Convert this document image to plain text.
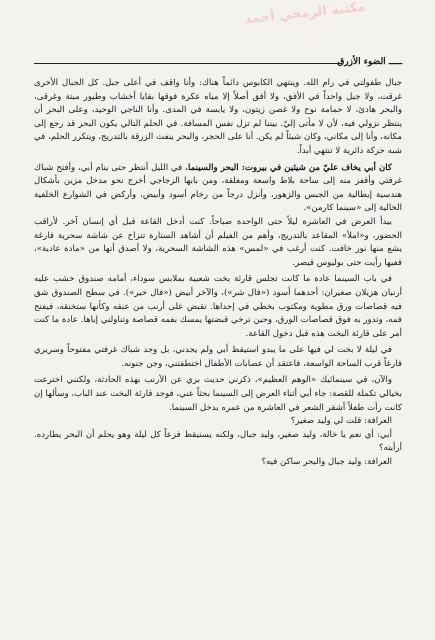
مكتبة الرمحي أحمد
ـــــ الضوء الأزرق

جبال طفولتي في رام الله. وينتهي الكابوس دائماً هناك: وأنا واقف في أعلى جبل. كل الجبال الأخرى غرقت، ولا جبل واحداً في الأفق، ولا أفق أصلاً إلا مياه عكرة فوقها بقايا أخشاب وطيور ميتة وغرقى، والبحر هادئ، لا حمامة نوح ولا غصن زيتون، ولا يابسة في المدى. وأنا الناجي الوحيد، وعلى البحر أن ينتظر نزولي فيه، لأن لا مأتى إليّ. بيننا لم تزل نفس المسافة. في الحلم التالي يكون البحر قد رجع إلى مكانه، وأنا إلى مكاني، وكان شيئاً لم يكن. أنا على الحجر، والبحر ينفث الزرقة بالتدريج، ويتكرر الحلم، في شبه حركة دائرية لا تنتهي أبداً.

كان أبي يخاف عليّ من شيئين في بيروت: البحر والسينما. في الليل أنتظر حتى ينام أبي، وأفتح شباك غرفتي وأقفز منه إلى ساحة بلاط واسعة ومغلقة، ومن بابها الزجاجي أخرج نحو مدخل مزين بأشكال هندسية إيطالية من الجبس والزهور، وأنزل درجاً من رخام أسود وأبيض، وأركض في الشوارع الخلفية الخالية إلى «سينما كارمن».

بيدأ العرض في العاشرة ليلاً حتى الواحدة صباحاً. كنت أدخل القاعة قبل أي إنسان آخر. لأراقب الحضور، و«املأ» المقاعد بالتدريج، وأهم من الفيلم أن أشاهد الستارة تنزاح عن شاشة سحرية فارغة يشع منها نور خافت. كنت أرغب في «لمس» هذه الشاشة السحرية، ولا أصدق أنها من «مادة عادية»، ففيها رأيت حتى بوليوس قيصر.

في باب السينما عادة ما كانت تجلس قارئة بخت شعبية بملابس سوداء، أمامه صندوق خشب عليه أرنبان هزيلان صغيران: أحدهما أسود («فال شر»)، والآخر أبيض («فال خير»). في سطح الصندوق شق فيه قصاصات ورق مطوية ومكتوب بخطي في إحداها. تقبض على أرنب من عنقه وكأنها ستخنقه، فيفتح فمه، وتدور به فوق قصاصات الورق، وحين ترخي قبضتها يمسك بفمه قصاصة وتناولني إياها. عادة ما كنت أمر على قارئة البخت هذه قبل دخول القاعة.

في ليلة لا بخت لي فيها على ما يبدو استيقظ أبي ولم يجدني، بل وجد شباك غرفتي مفتوحاً وسريري فارغاً قرب الساحة الواسعة، فاعتقد أن عصابات الأطفال اختطفتني، وجن جنونه.

والآن، في سينمائيك «الوهم العظيم»، ذكرني حديث بري عن الأرنب بهذه الحادثة، ولكنني اخترعت بخيالي تكملة للقصة: جاء أبي أثناء العرض إلى السينما بحثاً عني، فوجد قارئة البخت عند الباب، وسألها إن كانت رأت طفلاً أشقر الشعر في العاشرة من عمره يدخل السينما.

العرافة: قلت لي وليد صغير؟

أبي: أي نعم يا خالة، وليد صغير، وليد جبال، ولكنه يستيقظ فزعاً كل ليلة وهو يحلم أن البحر يطارده. أرأيته؟

العرافة: وليد جبال والبحر ساكن فيه؟
